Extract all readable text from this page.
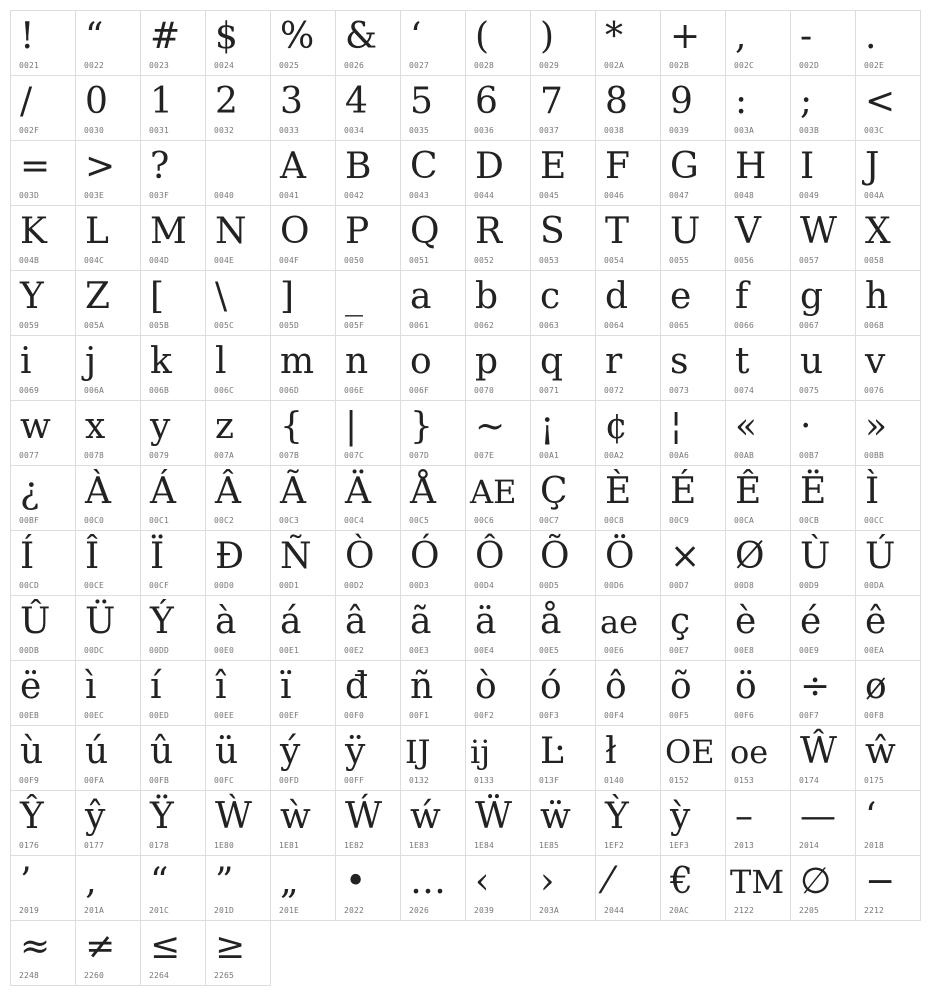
!
0021
“
0022
#
0023
$
0024
%
0025
&
0026
‘
0027
(
0028
)
0029
*
002A
+
002B
,
002C
-
002D
.
002E
/
002F
0
0030
1
0031
2
0032
3
0033
4
0034
5
0035
6
0036
7
0037
8
0038
9
0039
:
003A
;
003B
<
003C
=
003D
>
003E
?
003F	0040
A
0041
B
0042
C
0043
D
0044
E
0045
F
0046
G
0047
H
0048
I
0049
J
004A
K
004B
L
004C
M
004D
N
004E
O
004F
P
0050
Q
0051
R
0052
S
0053
T
0054
U
0055
V
0056
W
0057
X
0058
Y
0059
Z
005A
[
005B
\
005C
]
005D
_
005F
a
0061
b
0062
c
0063
d
0064
e
0065
f
0066
g
0067
h
0068
i
0069
j
006A
k
006B
l
006C
m
006D
n
006E
o
006F
p
0070
q
0071
r
0072
s
0073
t
0074
u
0075
v
0076
w
0077
x
0078
y
0079
z
007A
{
007B
|
007C
}
007D
~
007E
¡
00A1
¢
00A2
¦
00A6
«
00AB
·
00B7
»
00BB
¿
00BF
À
00C0
Á
00C1
Â
00C2
Ã
00C3
Ä
00C4
Å
00C5
AE
00C6
Ç
00C7
È
00C8
É
00C9
Ê
00CA
Ë
00CB
Ì
00CC
Í
00CD
Î
00CE
Ï
00CF
Ð
00D0
Ñ
00D1
Ò
00D2
Ó
00D3
Ô
00D4
Õ
00D5
Ö
00D6
×
00D7
Ø
00D8
Ù
00D9
Ú
00DA
Û
00DB
Ü
00DC
Ý
00DD
à
00E0
á
00E1
â
00E2
ã
00E3
ä
00E4
å
00E5
ae
00E6
ç
00E7
è
00E8
é
00E9
ê
00EA
ë
00EB
ì
00EC
í
00ED
î
00EE
ï
00EF
đ
00F0
ñ
00F1
ò
00F2
ó
00F3
ô
00F4
õ
00F5
ö
00F6
÷
00F7
ø
00F8
ù
00F9
ú
00FA
û
00FB
ü
00FC
ý
00FD
ÿ
00FF
IJ
0132
ij
0133
Ŀ
013F
ł
0140
OE
0152
oe
0153
Ŵ
0174
ŵ
0175
Ŷ
0176
ŷ
0177
Ÿ
0178
Ẁ
1E80
ẁ
1E81
Ẃ
1E82
ẃ
1E83
Ẅ
1E84
ẅ
1E85
Ỳ
1EF2
ỳ
1EF3
–
2013
—
2014
‘
2018
’
2019
‚
201A
“
201C
”
201D
„
201E
•
2022
…
2026
‹
2039
›
203A
⁄
2044
€
20AC
TM
2122
∅
2205
−
2212
≈
2248
≠
2260
≤
2264
≥
2265
